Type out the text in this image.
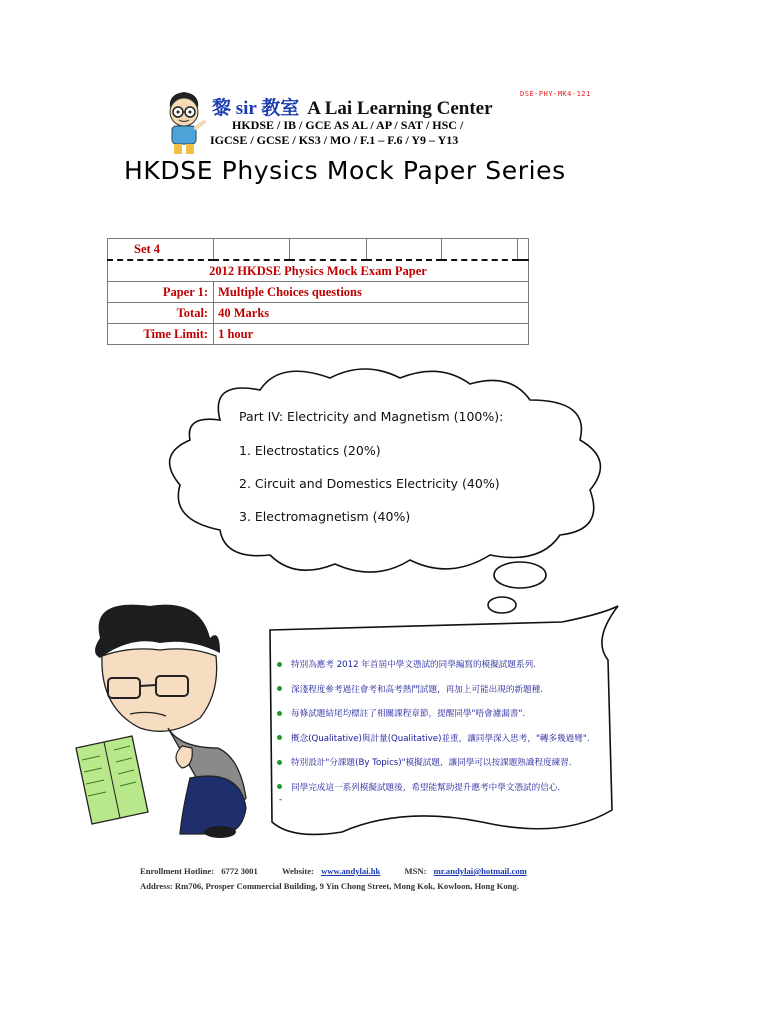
DSE-PHY-MK4-121
黎 sir 教室 A Lai Learning Center
HKDSE / IB / GCE AS AL / AP / SAT / HSC /
IGCSE / GCSE / KS3 / MO / F.1 – F.6 / Y9 – Y13
HKDSE Physics Mock Paper Series
Set 4					
2012 HKDSE Physics Mock Exam Paper					
Paper 1:	Multiple Choices questions				
Total:	40 Marks				
Time Limit:	1 hour				
Part IV: Electricity and Magnetism (100%):
1. Electrostatics (20%)
2. Circuit and Domestics Electricity (40%)
3. Electromagnetism (40%)
特別為應考 2012 年首屆中學文憑試的同學編寫的模擬試題系列.
深淺程度參考過往會考和高考熱門試題，再加上可能出現的新題種.
每條試題結尾均標註了相關課程章節，提醒同學"唔會濾漏書".
概念(Qualitative)與計量(Qualitative)並重，讓同學深入思考，"轉多幾過彎".
特別設計"分課題(By Topics)"模擬試題，讓同學可以按課題熟識程度練習.
同學完成這一系列模擬試題後，希望能幫助提升應考中學文憑試的信心.
-
Enrollment Hotline: 6772 3001	Website: www.andylai.hk	MSN: mr.andylai@hotmail.com
Address: Rm706, Prosper Commercial Building, 9 Yin Chong Street, Mong Kok, Kowloon, Hong Kong.
